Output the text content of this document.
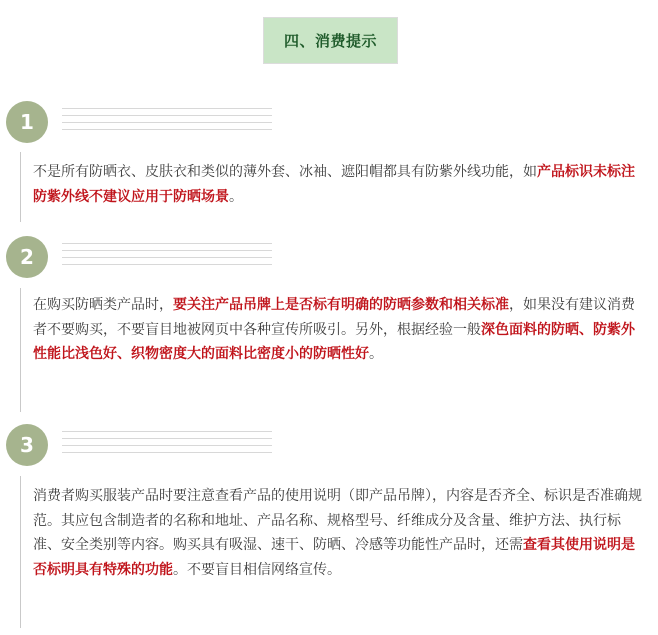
四、消费提示
1

不是所有防晒衣、皮肤衣和类似的薄外套、冰袖、遮阳帽都具有防紫外线功能，如产品标识未标注防紫外线不建议应用于防晒场景。

2

在购买防晒类产品时，要关注产品吊牌上是否标有明确的防晒参数和相关标准，如果没有建议消费者不要购买，不要盲目地被网页中各种宣传所吸引。另外，根据经验一般深色面料的防晒、防紫外性能比浅色好、织物密度大的面料比密度小的防晒性好。

3

消费者购买服装产品时要注意查看产品的使用说明（即产品吊牌），内容是否齐全、标识是否准确规范。其应包含制造者的名称和地址、产品名称、规格型号、纤维成分及含量、维护方法、执行标准、安全类别等内容。购买具有吸湿、速干、防晒、冷感等功能性产品时，还需查看其使用说明是否标明具有特殊的功能。不要盲目相信网络宣传。
